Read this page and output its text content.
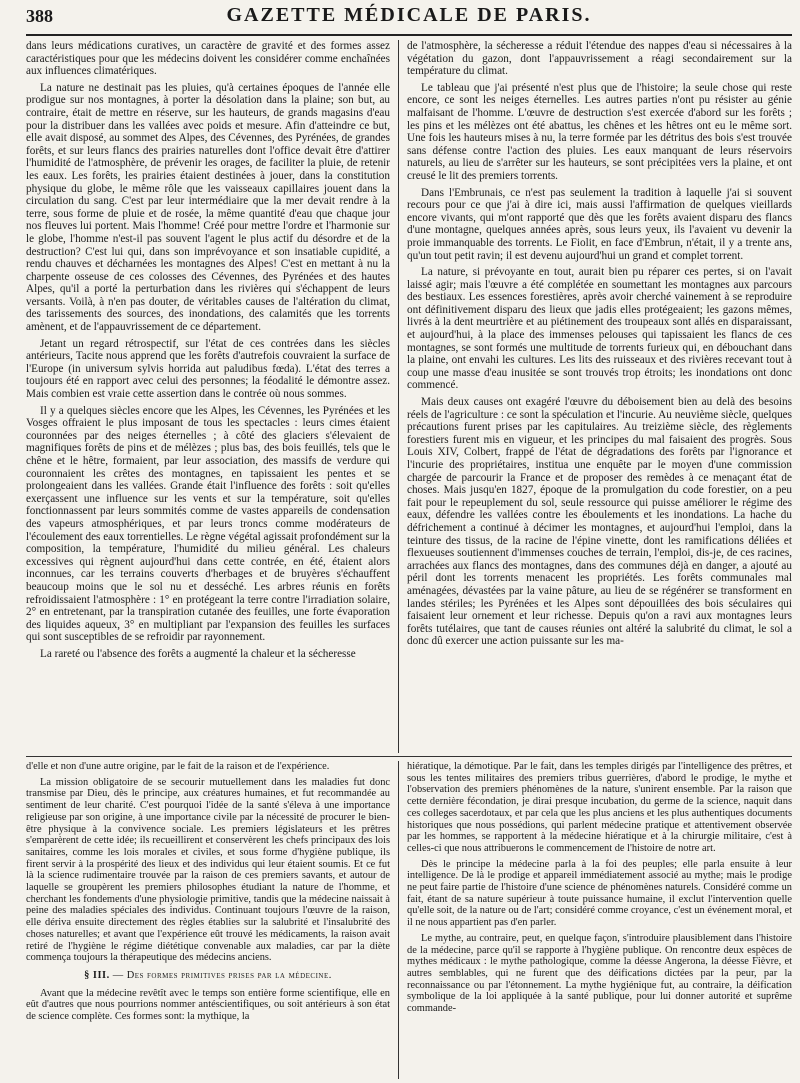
388	GAZETTE MÉDICALE DE PARIS.

dans leurs médications curatives, un caractère de gravité et des formes assez caractéristiques pour que les médecins doivent les considérer comme enchaînées aux influences climatériques.

La nature ne destinait pas les pluies, qu'à certaines époques de l'année elle prodigue sur nos montagnes, à porter la désolation dans la plaine; son but, au contraire, était de mettre en réserve, sur les hauteurs, de grands magasins d'eau pour la distribuer dans les vallées avec poids et mesure. Afin d'atteindre ce but, elle avait disposé, au sommet des Alpes, des Cévennes, des Pyrénées, de grandes forêts, et sur leurs flancs des prairies naturelles dont l'office devait être d'attirer l'humidité de l'atmosphère, de prévenir les orages, de faciliter la pluie, de retenir les eaux. Les forêts, les prairies étaient destinées à jouer, dans la constitution physique du globe, le même rôle que les vaisseaux capillaires jouent dans la circulation du sang. C'est par leur intermédiaire que la mer devait rendre à la terre, sous forme de pluie et de rosée, la même quantité d'eau que chaque jour nos fleuves lui portent. Mais l'homme! Créé pour mettre l'ordre et l'harmonie sur le globe, l'homme n'est-il pas souvent l'agent le plus actif du désordre et de la destruction? C'est lui qui, dans son imprévoyance et son insatiable cupidité, a rendu chauves et décharnées les montagnes des Alpes! C'est en mettant à nu la charpente osseuse de ces colosses des Cévennes, des Pyrénées et des hautes Alpes, qu'il a porté la perturbation dans les rivières qui s'échappent de leurs versants. Voilà, à n'en pas douter, de véritables causes de l'altération du climat, des tarissements des sources, des inondations, des calamités que les torrents amènent, et de l'appauvrissement de ce département.

Jetant un regard rétrospectif, sur l'état de ces contrées dans les siècles antérieurs, Tacite nous apprend que les forêts d'autrefois couvraient la surface de l'Europe (in universum sylvis horrida aut paludibus fœda). L'état des terres a toujours été en rapport avec celui des personnes; la féodalité le démontre assez. Mais combien est vraie cette assertion dans le contrée où nous sommes.

Il y a quelques siècles encore que les Alpes, les Cévennes, les Pyrénées et les Vosges offraient le plus imposant de tous les spectacles : leurs cimes étaient couronnées par des neiges éternelles ; à côté des glaciers s'élevaient de magnifiques forêts de pins et de mélèzes ; plus bas, des bois feuillés, tels que le chêne et le hêtre, formaient, par leur association, des massifs de verdure qui couronnaient les crêtes des montagnes, en tapissaient les pentes et se prolongeaient dans les vallées. Grande était l'influence des forêts : soit qu'elles exerçassent une influence sur les vents et sur la température, soit qu'elles fonctionnassent par leurs sommités comme de vastes appareils de condensation des vapeurs atmosphériques, et par leurs troncs comme modérateurs de l'écoulement des eaux torrentielles. Le règne végétal agissait profondément sur la composition, la température, l'humidité du milieu général. Les chaleurs excessives qui règnent aujourd'hui dans cette contrée, en été, étaient alors inconnues, car les terrains couverts d'herbages et de bruyères s'échauffent beaucoup moins que le sol nu et desséché. Les arbres réunis en forêts refroidissaient l'atmosphère : 1° en protégeant la terre contre l'irradiation solaire, 2° en entretenant, par la transpiration cutanée des feuilles, une forte évaporation des liquides aqueux, 3° en multipliant par l'expansion des feuilles les surfaces qui sont susceptibles de se refroidir par rayonnement.

La rareté ou l'absence des forêts a augmenté la chaleur et la sécheresse

de l'atmosphère, la sécheresse a réduit l'étendue des nappes d'eau si nécessaires à la végétation du gazon, dont l'appauvrissement a réagi secondairement sur la température du climat.

Le tableau que j'ai présenté n'est plus que de l'histoire; la seule chose qui reste encore, ce sont les neiges éternelles. Les autres parties n'ont pu résister au génie malfaisant de l'homme. L'œuvre de destruction s'est exercée d'abord sur les forêts ; les pins et les mélèzes ont été abattus, les chênes et les hêtres ont eu le même sort. Une fois les hauteurs mises à nu, la terre formée par les détritus des bois s'est trouvée sans défense contre l'action des pluies. Les eaux manquant de leurs réservoirs naturels, au lieu de s'arrêter sur les hauteurs, se sont précipitées vers la plaine, et ont creusé le lit des premiers torrents.

Dans l'Embrunais, ce n'est pas seulement la tradition à laquelle j'ai si souvent recours pour ce que j'ai à dire ici, mais aussi l'affirmation de quelques vieillards encore vivants, qui m'ont rapporté que dès que les forêts avaient disparu des flancs d'une montagne, quelques années après, sous leurs yeux, ils l'avaient vu devenir la proie immanquable des torrents. Le Fiolit, en face d'Embrun, n'était, il y a trente ans, qu'un tout petit ravin; il est devenu aujourd'hui un grand et complet torrent.

La nature, si prévoyante en tout, aurait bien pu réparer ces pertes, si on l'avait laissé agir; mais l'œuvre a été complétée en soumettant les montagnes aux parcours des bestiaux. Les essences forestières, après avoir cherché vainement à se reproduire ont définitivement disparu des lieux que jadis elles protégeaient; les gazons mêmes, livrés à la dent meurtrière et au piétinement des troupeaux sont allés en disparaissant, et aujourd'hui, à la place des immenses pelouses qui tapissaient les flancs de ces montagnes, se sont formés une multitude de torrents furieux qui, en débouchant dans la plaine, ont envahi les cultures. Les lits des ruisseaux et des rivières recevant tout à coup une masse d'eau inusitée se sont trouvés trop étroits; les inondations ont donc commencé.

Mais deux causes ont exagéré l'œuvre du déboisement bien au delà des besoins réels de l'agriculture : ce sont la spéculation et l'incurie. Au neuvième siècle, quelques précautions furent prises par les capitulaires. Au treizième siècle, des règlements forestiers furent mis en vigueur, et les principes du mal faisaient des progrès. Sous Louis XIV, Colbert, frappé de l'état de dégradations des forêts par l'ignorance et l'incurie des propriétaires, institua une enquête par le moyen d'une commission chargée de parcourir la France et de proposer des remèdes à ce menaçant état de choses. Mais jusqu'en 1827, époque de la promulgation du code forestier, on a peu fait pour le repeuplement du sol, seule ressource qui puisse améliorer le régime des eaux, défendre les vallées contre les éboulements et les inondations. La hache du défrichement a continué à décimer les montagnes, et aujourd'hui l'emploi, dans la teinture des tissus, de la racine de l'épine vinette, dont les ramifications déliées et flexueuses soutiennent d'immenses couches de terrain, l'emploi, dis-je, de ces racines, arrachées aux flancs des montagnes, dans des communes déjà en danger, a ajouté au péril dont les torrents menacent les propriétés. Les forêts communales mal aménagées, dévastées par la vaine pâture, au lieu de se régénérer se transforment en landes stériles; les Pyrénées et les Alpes sont dépouillées des bois séculaires qui faisaient leur ornement et leur richesse. Depuis qu'on a ravi aux montagnes leurs forêts tutélaires, que tant de causes réunies ont altéré la salubrité du climat, le sol a donc dû exercer une action puissante sur les ma-

d'elle et non d'une autre origine, par le fait de la raison et de l'expérience.

La mission obligatoire de se secourir mutuellement dans les maladies fut donc transmise par Dieu, dès le principe, aux créatures humaines, et fut recommandée au sentiment de leur charité. C'est pourquoi l'idée de la santé s'éleva à une importance religieuse par son origine, à une importance civile par la nécessité de procurer le bien-être physique à la convivence sociale. Les premiers législateurs et les prêtres s'emparèrent de cette idée; ils recueillirent et conservèrent les chefs principaux des lois sanitaires, comme les lois morales et civiles, et sous forme d'hygiène publique, ils firent servir à la prospérité des lieux et des individus qui leur étaient soumis. Et ce fut là la science rudimentaire trouvée par la raison de ces premiers savants, et autour de laquelle se groupèrent les premiers philosophes étudiant la nature de l'homme, et cherchant les fondements d'une physiologie primitive, tandis que la médecine naissait à peine des maladies spéciales des individus. Continuant toujours l'œuvre de la raison, elle dériva ensuite directement des règles établies sur la salubrité et l'insalubrité des choses naturelles; et avant que l'expérience eût trouvé les médicaments, la raison avait retiré de l'hygiène le régime diététique convenable aux maladies, car par la diète commença toujours la thérapeutique des médecins anciens.

§ III. — Des formes primitives prises par la médecine.

Avant que la médecine revêtît avec le temps son entière forme scientifique, elle en eût d'autres que nous pourrions nommer antéscientifiques, ou soit antérieurs à son état de science complète. Ces formes sont: la mythique, la

hiératique, la démotique. Par le fait, dans les temples dirigés par l'intelligence des prêtres, et sous les tentes militaires des premiers tribus guerrières, d'abord le prodige, le mythe et l'observation des premiers phénomènes de la nature, s'unirent ensemble. Par la raison que cette dernière fécondation, je dirai presque incubation, du germe de la science, naquit dans ces colleges sacerdotaux, et par cela que les plus anciens et les plus authentiques documents historiques que nous possédions, qui parlent médecine pratique et attentivement observée par les hommes, se rapportent à la médecine hiératique et à la chirurgie militaire, c'est à celles-ci que nous attribuerons le commencement de l'histoire de notre art.

Dès le principe la médecine parla à la foi des peuples; elle parla ensuite à leur intelligence. De là le prodige et appareil immédiatement associé au mythe; mais le prodige ne peut faire partie de l'histoire d'une science de phénomènes naturels. Considéré comme un fait, étant de sa nature supérieur à toute puissance humaine, il exclut l'intervention quelle qu'elle soit, de la nature ou de l'art; considéré comme croyance, c'est un événement moral, et il ne nous appartient pas d'en parler.

Le mythe, au contraire, peut, en quelque façon, s'introduire plausiblement dans l'histoire de la médecine, parce qu'il se rapporte à l'hygiène publique. On rencontre deux espèces de mythes médicaux : le mythe pathologique, comme la déesse Angerona, la déesse Fièvre, et autres semblables, qui ne furent que des déifications dictées par la peur, par la reconnaissance ou par l'étonnement. La mythe hygiénique fut, au contraire, la déification symbolique de la loi appliquée à la santé publique, pour lui donner autorité et suprême commande-
